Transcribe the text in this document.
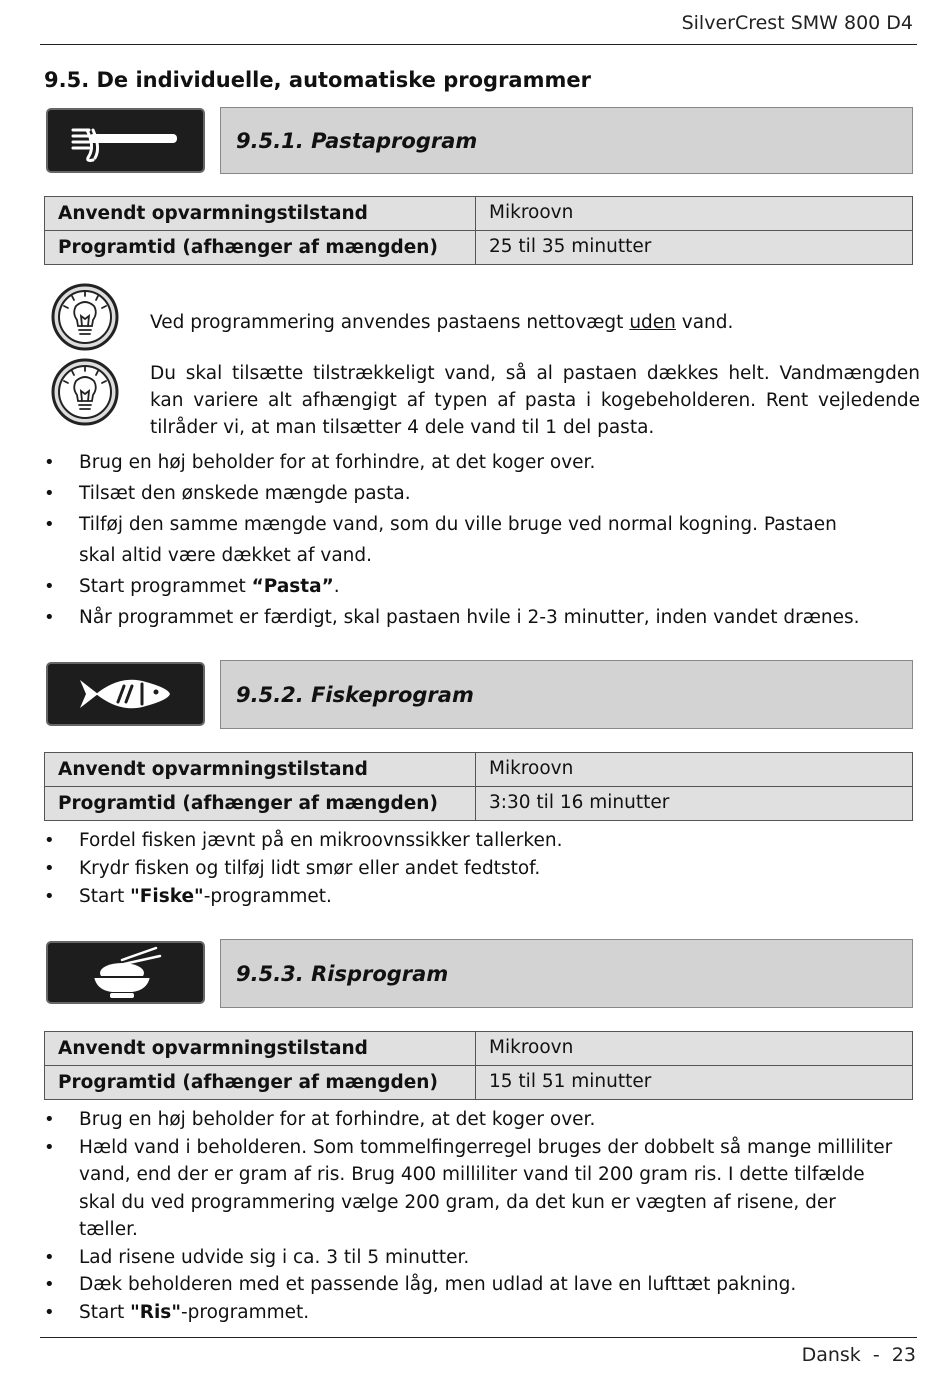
SilverCrest SMW 800 D4
9.5. De individuelle, automatiske programmer
9.5.1. Pastaprogram
Anvendt opvarmningstilstand	Mikroovn
Programtid (afhænger af mængden)	25 til 35 minutter
Ved programmering anvendes pastaens nettovægt uden vand.
Du skal tilsætte tilstrækkeligt vand, så al pastaen dækkes helt. Vandmængden kan variere alt afhængigt af typen af pasta i kogebeholderen. Rent vejledende tilråder vi, at man tilsætter 4 dele vand til 1 del pasta.
• Brug en høj beholder for at forhindre, at det koger over.
• Tilsæt den ønskede mængde pasta.
• Tilføj den samme mængde vand, som du ville bruge ved normal kogning. Pastaen skal altid være dækket af vand.
• Start programmet “Pasta”.
• Når programmet er færdigt, skal pastaen hvile i 2-3 minutter, inden vandet drænes.
9.5.2. Fiskeprogram
Anvendt opvarmningstilstand	Mikroovn
Programtid (afhænger af mængden)	3:30 til 16 minutter
• Fordel fisken jævnt på en mikroovnssikker tallerken.
• Krydr fisken og tilføj lidt smør eller andet fedtstof.
• Start "Fiske"-programmet.
9.5.3. Risprogram
Anvendt opvarmningstilstand	Mikroovn
Programtid (afhænger af mængden)	15 til 51 minutter
• Brug en høj beholder for at forhindre, at det koger over.
• Hæld vand i beholderen. Som tommelfingerregel bruges der dobbelt så mange milliliter vand, end der er gram af ris. Brug 400 milliliter vand til 200 gram ris. I dette tilfælde skal du ved programmering vælge 200 gram, da det kun er vægten af risene, der tæller.
• Lad risene udvide sig i ca. 3 til 5 minutter.
• Dæk beholderen med et passende låg, men udlad at lave en lufttæt pakning.
• Start "Ris"-programmet.
Dansk  -  23
